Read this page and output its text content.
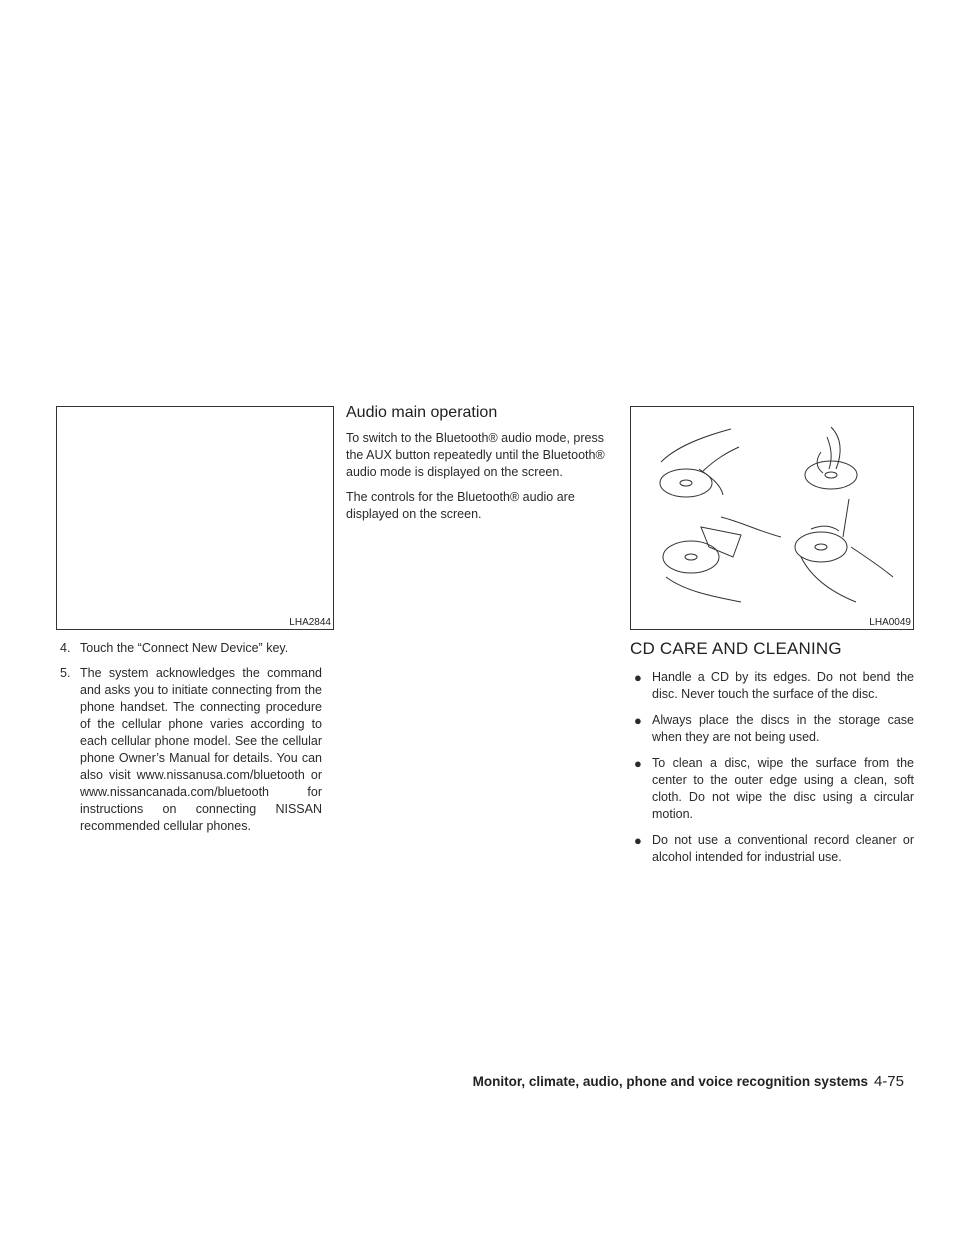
LHA2844
4. Touch the “Connect New Device” key.
5. The system acknowledges the command and asks you to initiate connecting from the phone handset. The connecting procedure of the cellular phone varies according to each cellular phone model. See the cellular phone Owner’s Manual for details. You can also visit www.nissanusa.com/bluetooth or www.nissancanada.com/bluetooth for instructions on connecting NISSAN recommended cellular phones.
Audio main operation

To switch to the Bluetooth® audio mode, press the AUX button repeatedly until the Bluetooth® audio mode is displayed on the screen.

The controls for the Bluetooth® audio are displayed on the screen.

LHA0049
CD CARE AND CLEANING
● Handle a CD by its edges. Do not bend the disc. Never touch the surface of the disc.
● Always place the discs in the storage case when they are not being used.
● To clean a disc, wipe the surface from the center to the outer edge using a clean, soft cloth. Do not wipe the disc using a circular motion.
● Do not use a conventional record cleaner or alcohol intended for industrial use.
Monitor, climate, audio, phone and voice recognition systems 4-75
